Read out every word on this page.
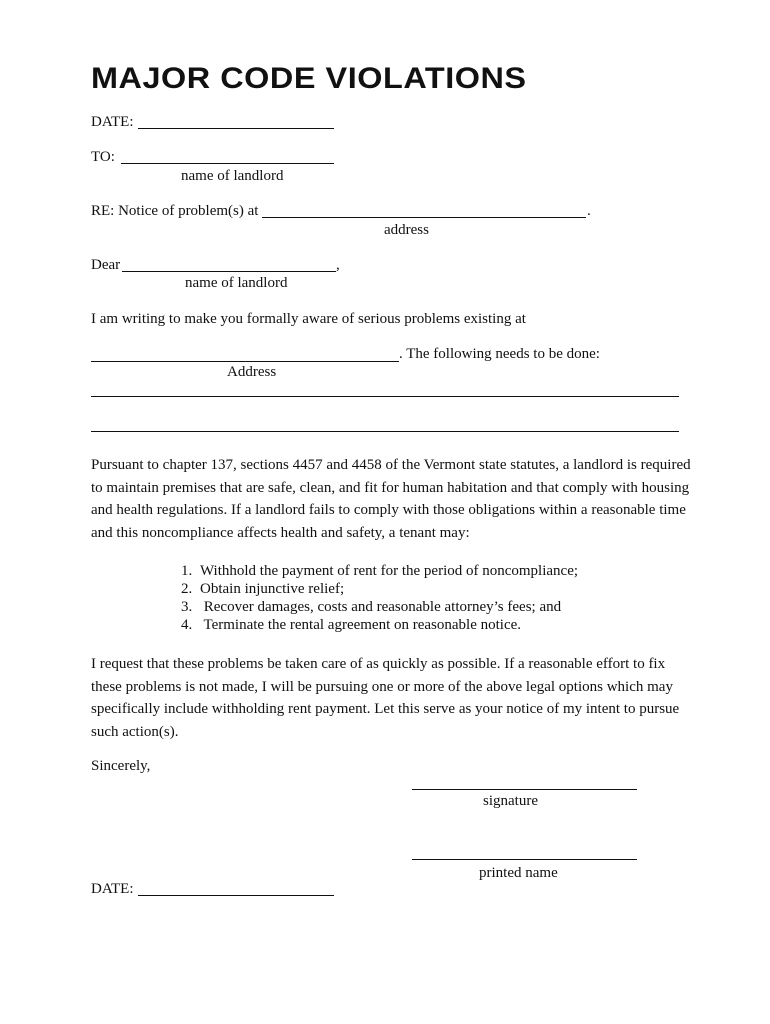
MAJOR CODE VIOLATIONS
DATE:
TO:
name of landlord
RE: Notice of problem(s) at	.
address
Dear	,
name of landlord
I am writing to make you formally aware of serious problems existing at
. The following needs to be done:
Address
Pursuant to chapter 137, sections 4457 and 4458 of the Vermont state statutes, a landlord is required to maintain premises that are safe, clean, and fit for human habitation and that comply with housing and health regulations. If a landlord fails to comply with those obligations within a reasonable time and this noncompliance affects health and safety, a tenant may:
1. Withhold the payment of rent for the period of noncompliance;
2. Obtain injunctive relief;
3. Recover damages, costs and reasonable attorney’s fees; and
4. Terminate the rental agreement on reasonable notice.
I request that these problems be taken care of as quickly as possible. If a reasonable effort to fix these problems is not made, I will be pursuing one or more of the above legal options which may specifically include withholding rent payment. Let this serve as your notice of my intent to pursue such action(s).
Sincerely,
signature
printed name
DATE:
